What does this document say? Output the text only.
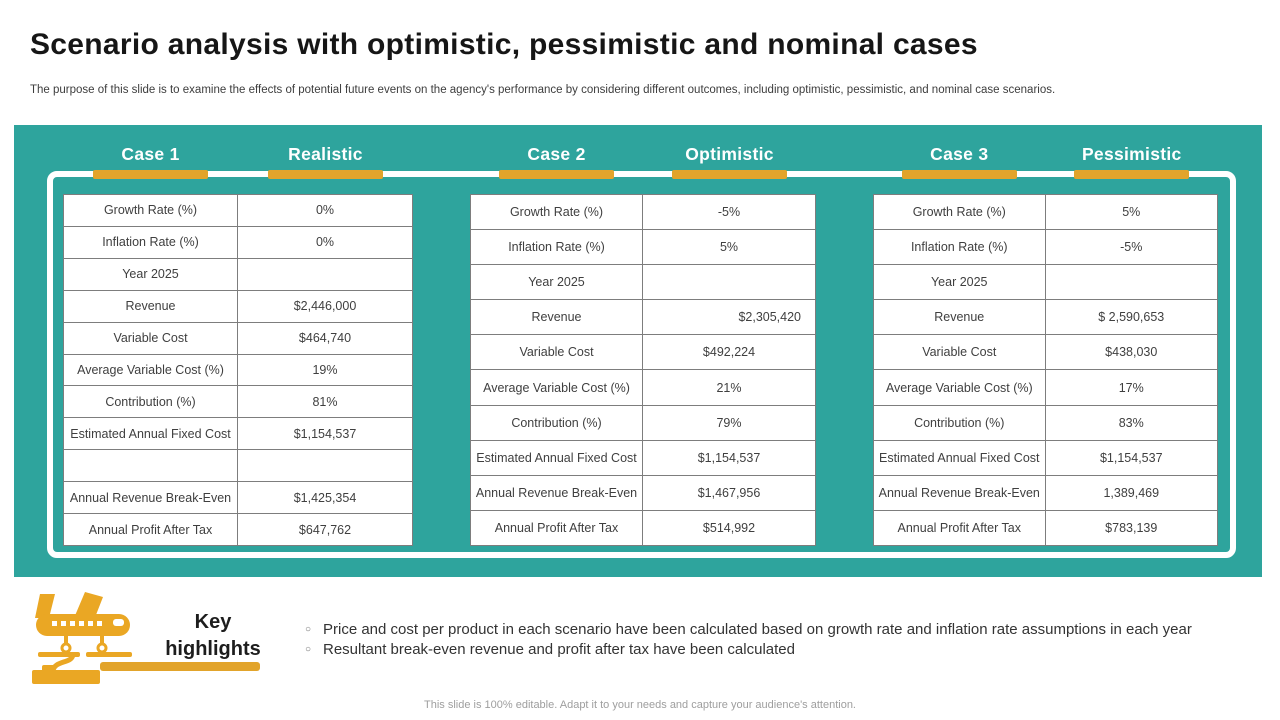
Scenario analysis with optimistic, pessimistic and nominal cases

The purpose of this slide is to examine the effects of potential future events on the agency's performance by considering different outcomes, including optimistic, pessimistic, and nominal case scenarios.

Case 1	Realistic	Case 2	Optimistic	Case 3	Pessimistic
Growth Rate (%)	0%
Inflation Rate (%)	0%
Year 2025
Revenue	$2,446,000
Variable Cost	$464,740
Average Variable Cost (%)	19%
Contribution (%)	81%
Estimated Annual Fixed Cost	$1,154,537
Annual Revenue Break-Even	$1,425,354
Annual Profit After Tax	$647,762
Growth Rate (%)	-5%
Inflation Rate (%)	5%
Year 2025
Revenue	$2,305,420
Variable Cost	$492,224
Average Variable Cost (%)	21%
Contribution (%)	79%
Estimated Annual Fixed Cost	$1,154,537
Annual Revenue Break-Even	$1,467,956
Annual Profit After Tax	$514,992
Growth Rate (%)	5%
Inflation Rate (%)	-5%
Year 2025
Revenue	$ 2,590,653
Variable Cost	$438,030
Average Variable Cost (%)	17%
Contribution (%)	83%
Estimated Annual Fixed Cost	$1,154,537
Annual Revenue Break-Even	1,389,469
Annual Profit After Tax	$783,139
Key highlights
○ Price and cost per product in each scenario have been calculated based on growth rate and inflation rate assumptions in each year
○ Resultant break-even revenue and profit after tax have been calculated
This slide is 100% editable. Adapt it to your needs and capture your audience's attention.
